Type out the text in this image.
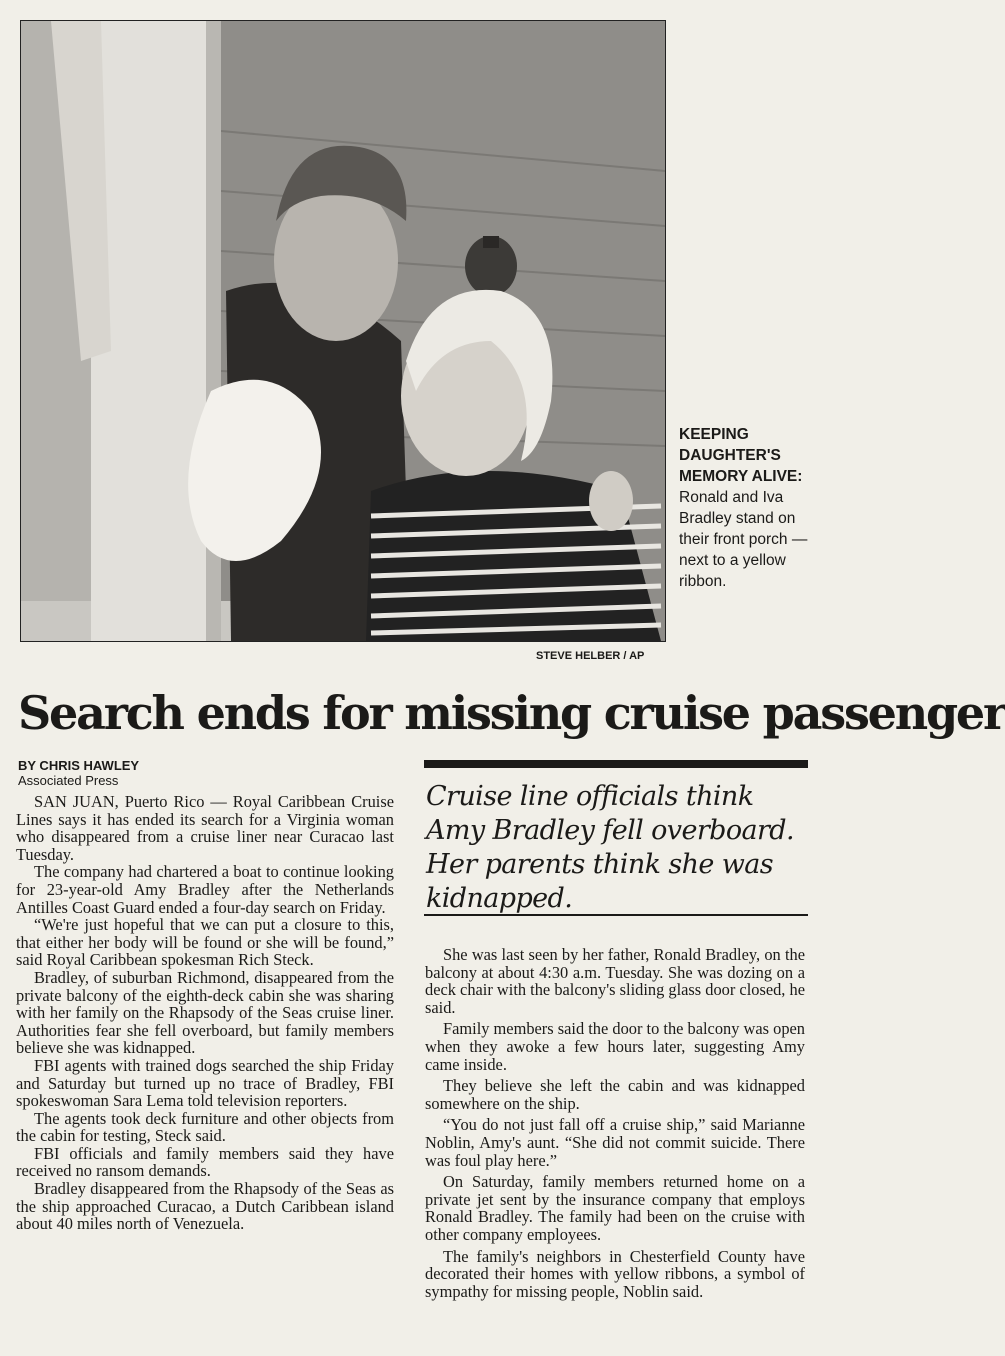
KEEPING DAUGHTER'S MEMORY ALIVE: Ronald and Iva Bradley stand on their front porch — next to a yellow ribbon.
STEVE HELBER / AP
Search ends for missing cruise passenger
BY CHRIS HAWLEY
Associated Press
Cruise line officials think Amy Bradley fell overboard. Her parents think she was kidnapped.

SAN JUAN, Puerto Rico — Royal Caribbean Cruise Lines says it has ended its search for a Virginia woman who disappeared from a cruise liner near Curacao last Tuesday.

The company had chartered a boat to continue looking for 23-year-old Amy Bradley after the Netherlands Antilles Coast Guard ended a four-day search on Friday.

“We're just hopeful that we can put a closure to this, that either her body will be found or she will be found,” said Royal Caribbean spokesman Rich Steck.

Bradley, of suburban Richmond, disappeared from the private balcony of the eighth-deck cabin she was sharing with her family on the Rhapsody of the Seas cruise liner. Authorities fear she fell overboard, but family members believe she was kidnapped.

FBI agents with trained dogs searched the ship Friday and Saturday but turned up no trace of Bradley, FBI spokeswoman Sara Lema told television reporters.

The agents took deck furniture and other objects from the cabin for testing, Steck said.

FBI officials and family members said they have received no ransom demands.

Bradley disappeared from the Rhapsody of the Seas as the ship approached Curacao, a Dutch Caribbean island about 40 miles north of Venezuela.

She was last seen by her father, Ronald Bradley, on the balcony at about 4:30 a.m. Tuesday. She was dozing on a deck chair with the balcony's sliding glass door closed, he said.

Family members said the door to the balcony was open when they awoke a few hours later, suggesting Amy came inside.

They believe she left the cabin and was kidnapped somewhere on the ship.

“You do not just fall off a cruise ship,” said Marianne Noblin, Amy's aunt. “She did not commit suicide. There was foul play here.”

On Saturday, family members returned home on a private jet sent by the insurance company that employs Ronald Bradley. The family had been on the cruise with other company employees.

The family's neighbors in Chesterfield County have decorated their homes with yellow ribbons, a symbol of sympathy for missing people, Noblin said.
